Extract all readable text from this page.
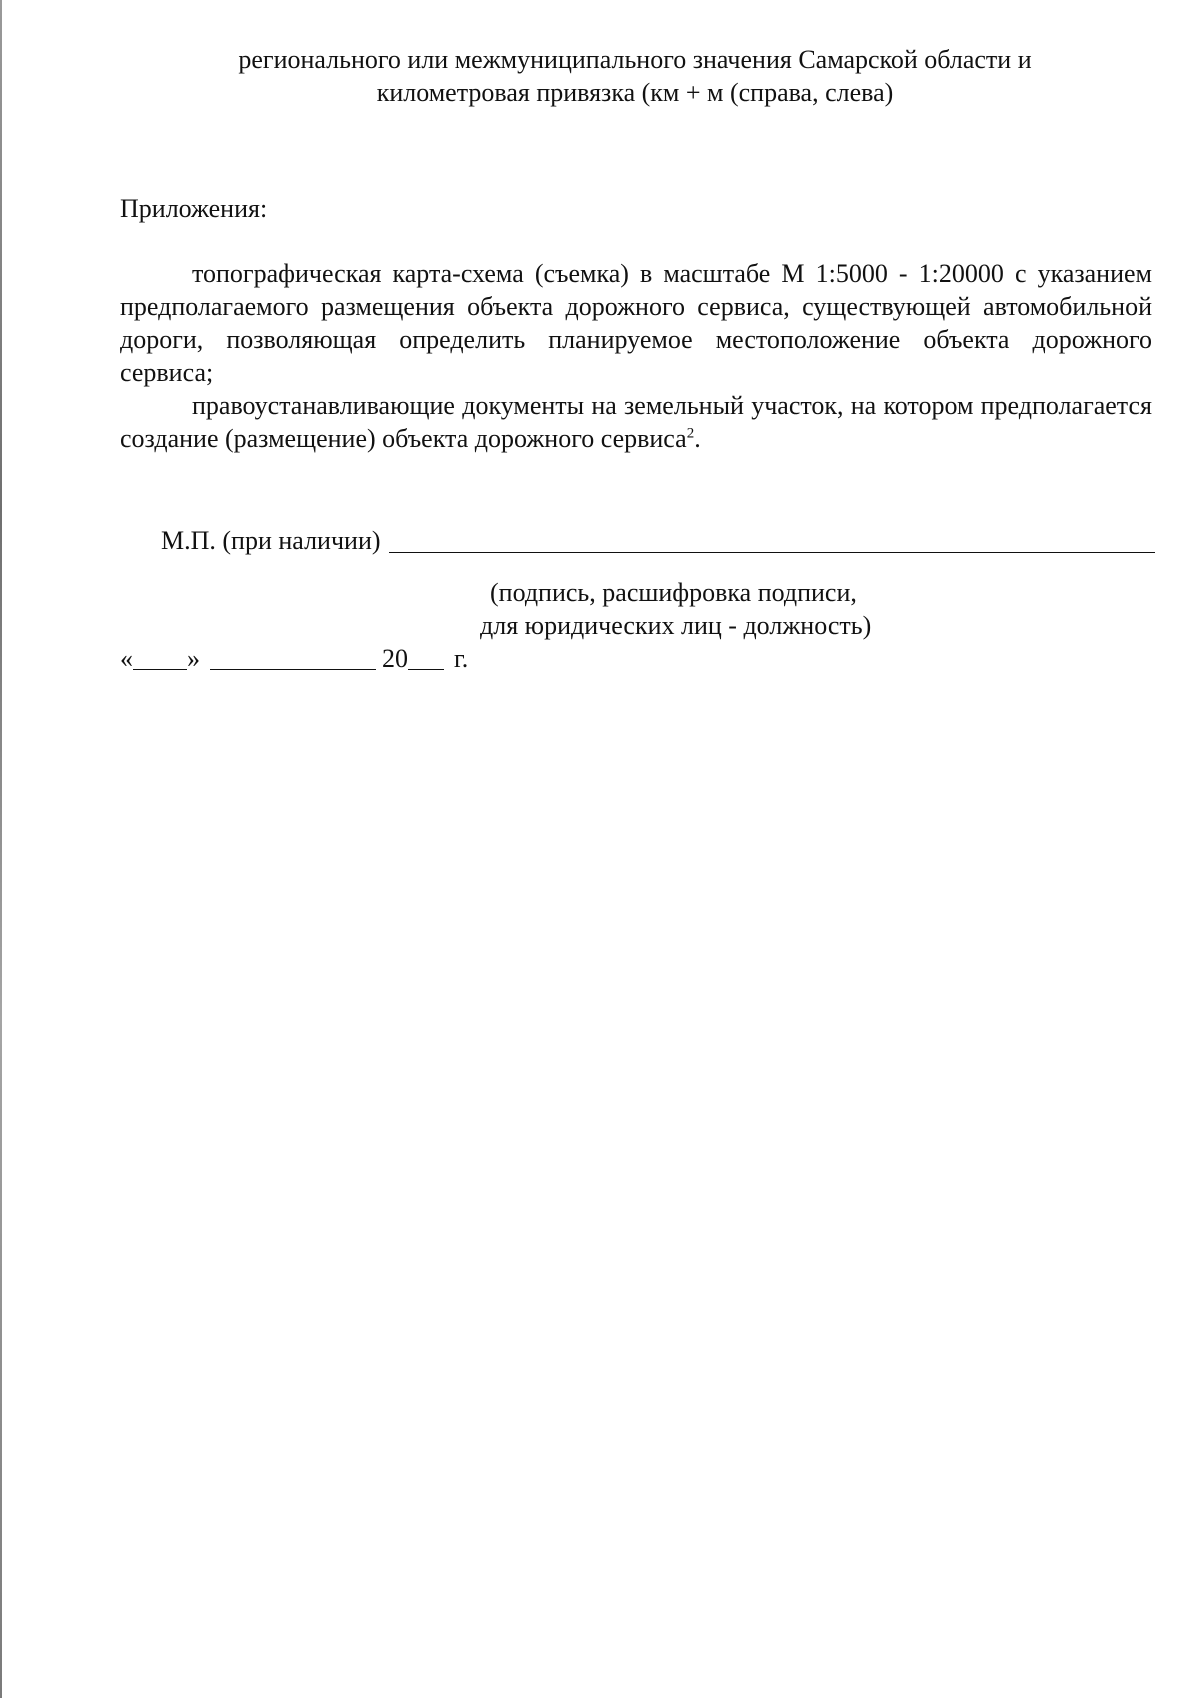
регионального или межмуниципального значения Самарской области и
километровая привязка (км + м (справа, слева)
Приложения:

топографическая карта-схема (съемка) в масштабе М 1:5000 - 1:20000 с указанием предполагаемого размещения объекта дорожного сервиса, существующей автомобильной дороги, позволяющая определить планируемое местоположение объекта дорожного сервиса;

правоустанавливающие документы на земельный участок, на котором предполагается создание (размещение) объекта дорожного сервиса$^2$.

М.П. (при наличии)
(подпись, расшифровка подписи,
для юридических лиц - должность)
« »	20 г.
